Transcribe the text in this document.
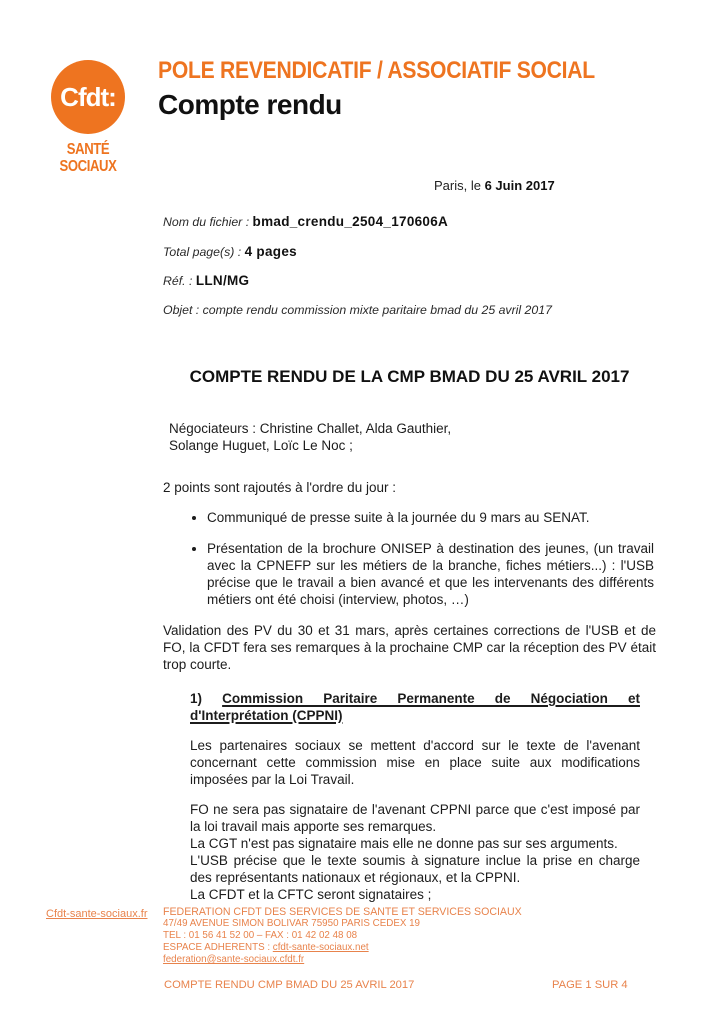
Cfdt:
SANTÉ
SOCIAUX
POLE REVENDICATIF / ASSOCIATIF SOCIAL
Compte rendu
Paris, le 6 Juin 2017
Nom du fichier : bmad_crendu_2504_170606A
Total page(s) : 4 pages
Réf. : LLN/MG
Objet : compte rendu commission mixte paritaire bmad du 25 avril 2017
COMPTE RENDU DE LA CMP BMAD DU 25 AVRIL 2017
Négociateurs : Christine Challet, Alda Gauthier,
Solange Huguet, Loïc Le Noc ;
2 points sont rajoutés à l'ordre du jour :
• Communiqué de presse suite à la journée du 9 mars au SENAT.
• Présentation de la brochure ONISEP à destination des jeunes, (un travail avec la CPNEFP sur les métiers de la branche, fiches métiers...) : l'USB précise que le travail a bien avancé et que les intervenants des différents métiers ont été choisi (interview, photos, …)
Validation des PV du 30 et 31 mars, après certaines corrections de l'USB et de FO, la CFDT fera ses remarques à la prochaine CMP car la réception des PV était trop courte.
1) Commission Paritaire Permanente de Négociation et d'Interprétation (CPPNI)

Les partenaires sociaux se mettent d'accord sur le texte de l'avenant concernant cette commission mise en place suite aux modifications imposées par la Loi Travail.

FO ne sera pas signataire de l'avenant CPPNI parce que c'est imposé par la loi travail mais apporte ses remarques.
La CGT n'est pas signataire mais elle ne donne pas sur ses arguments.
L'USB précise que le texte soumis à signature inclue la prise en charge des représentants nationaux et régionaux, et la CPPNI.
La CFDT et la CFTC seront signataires ;
Cfdt-sante-sociaux.fr FEDERATION CFDT DES SERVICES DE SANTE ET SERVICES SOCIAUX
47/49 AVENUE SIMON BOLIVAR 75950 PARIS CEDEX 19
TEL : 01 56 41 52 00 – FAX : 01 42 02 48 08
ESPACE ADHERENTS : cfdt-sante-sociaux.net
federation@sante-sociaux.cfdt.fr
COMPTE RENDU CMP BMAD DU 25 AVRIL 2017	PAGE 1 SUR 4
